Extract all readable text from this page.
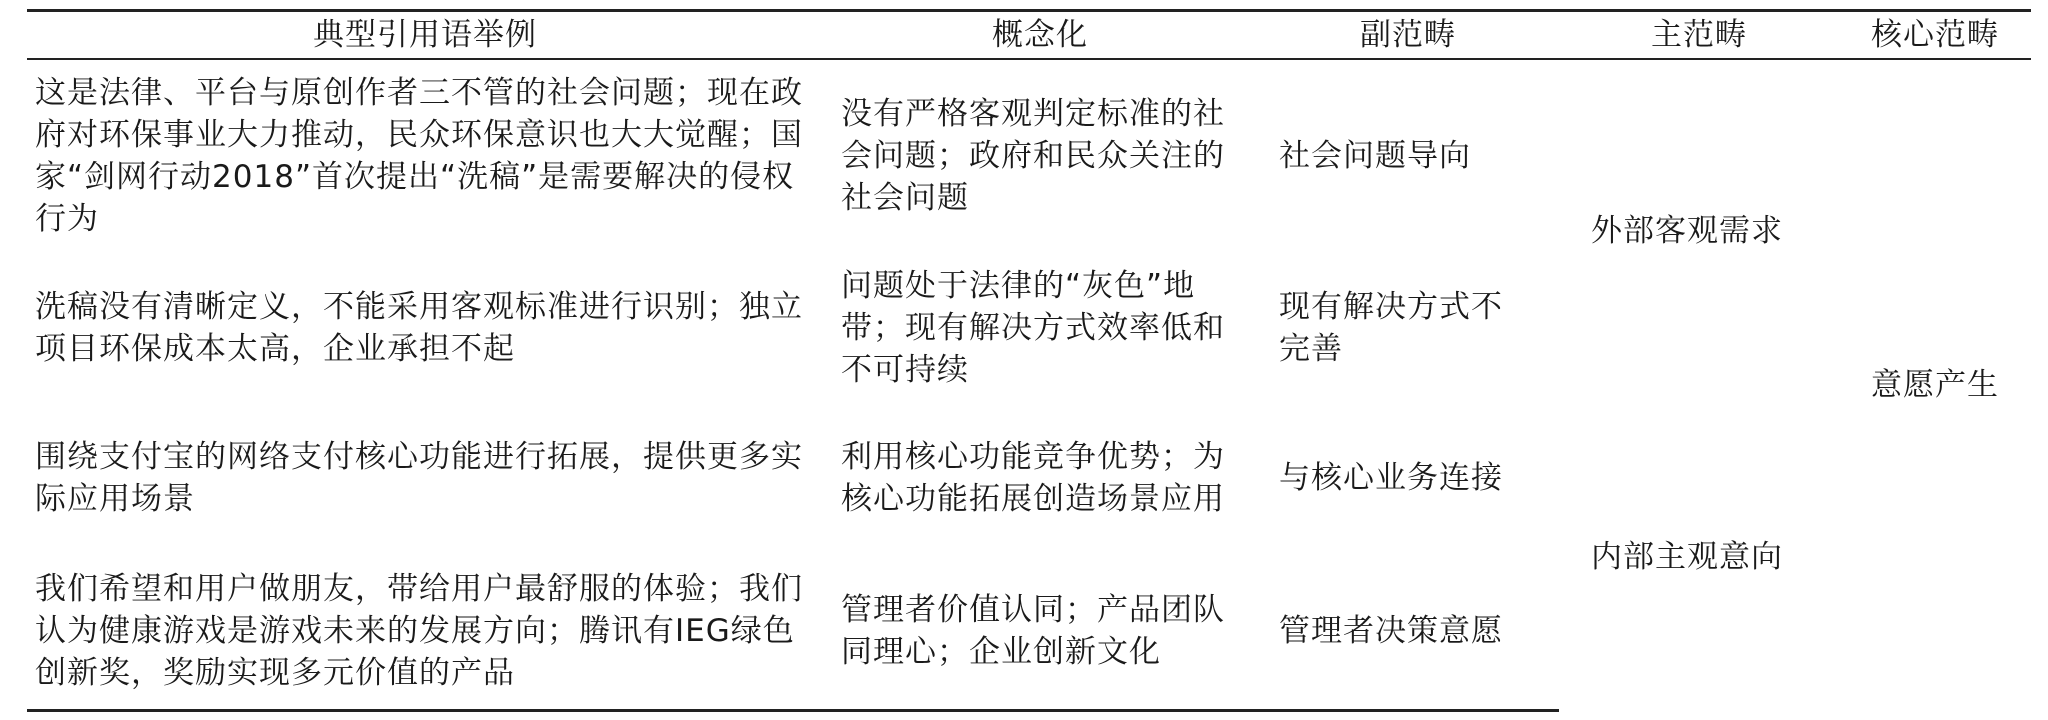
典型引用语举例	概念化	副范畴	主范畴	核心范畴
这是法律、平台与原创作者三不管的社会问题；现在政府对环保事业大力推动，民众环保意识也大大觉醒；国家“剑网行动2018”首次提出“洗稿”是需要解决的侵权行为	没有严格客观判定标准的社会问题；政府和民众关注的社会问题	社会问题导向	外部客观需求	意愿产生
洗稿没有清晰定义，不能采用客观标准进行识别；独立项目环保成本太高，企业承担不起	问题处于法律的“灰色”地带；现有解决方式效率低和不可持续	现有解决方式不完善		
围绕支付宝的网络支付核心功能进行拓展，提供更多实际应用场景	利用核心功能竞争优势；为核心功能拓展创造场景应用	与核心业务连接	内部主观意向	
我们希望和用户做朋友，带给用户最舒服的体验；我们认为健康游戏是游戏未来的发展方向；腾讯有IEG绿色创新奖，奖励实现多元价值的产品	管理者价值认同；产品团队同理心；企业创新文化	管理者决策意愿		
